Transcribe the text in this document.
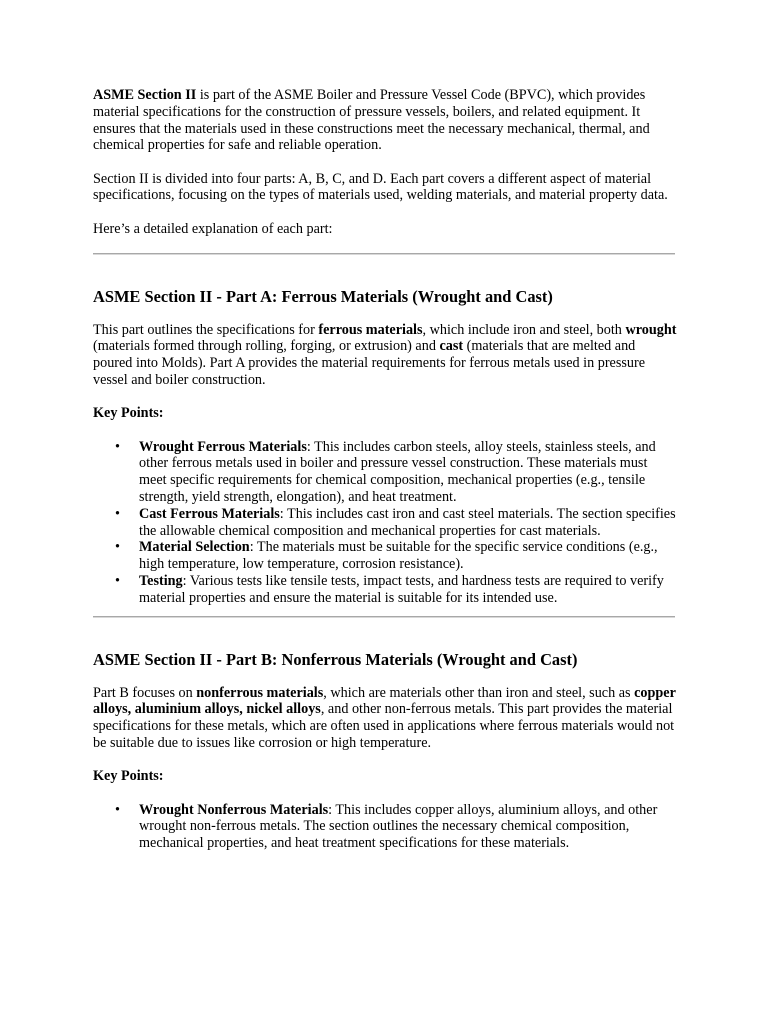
ASME Section II is part of the ASME Boiler and Pressure Vessel Code (BPVC), which provides material specifications for the construction of pressure vessels, boilers, and related equipment. It ensures that the materials used in these constructions meet the necessary mechanical, thermal, and chemical properties for safe and reliable operation.

Section II is divided into four parts: A, B, C, and D. Each part covers a different aspect of material specifications, focusing on the types of materials used, welding materials, and material property data.

Here’s a detailed explanation of each part:

ASME Section II - Part A: Ferrous Materials (Wrought and Cast)

This part outlines the specifications for ferrous materials, which include iron and steel, both wrought (materials formed through rolling, forging, or extrusion) and cast (materials that are melted and poured into Molds). Part A provides the material requirements for ferrous metals used in pressure vessel and boiler construction.

Key Points:

• Wrought Ferrous Materials: This includes carbon steels, alloy steels, stainless steels, and other ferrous metals used in boiler and pressure vessel construction. These materials must meet specific requirements for chemical composition, mechanical properties (e.g., tensile strength, yield strength, elongation), and heat treatment.
• Cast Ferrous Materials: This includes cast iron and cast steel materials. The section specifies the allowable chemical composition and mechanical properties for cast materials.
• Material Selection: The materials must be suitable for the specific service conditions (e.g., high temperature, low temperature, corrosion resistance).
• Testing: Various tests like tensile tests, impact tests, and hardness tests are required to verify material properties and ensure the material is suitable for its intended use.
ASME Section II - Part B: Nonferrous Materials (Wrought and Cast)

Part B focuses on nonferrous materials, which are materials other than iron and steel, such as copper alloys, aluminium alloys, nickel alloys, and other non-ferrous metals. This part provides the material specifications for these metals, which are often used in applications where ferrous materials would not be suitable due to issues like corrosion or high temperature.

Key Points:

• Wrought Nonferrous Materials: This includes copper alloys, aluminium alloys, and other wrought non-ferrous metals. The section outlines the necessary chemical composition, mechanical properties, and heat treatment specifications for these materials.
